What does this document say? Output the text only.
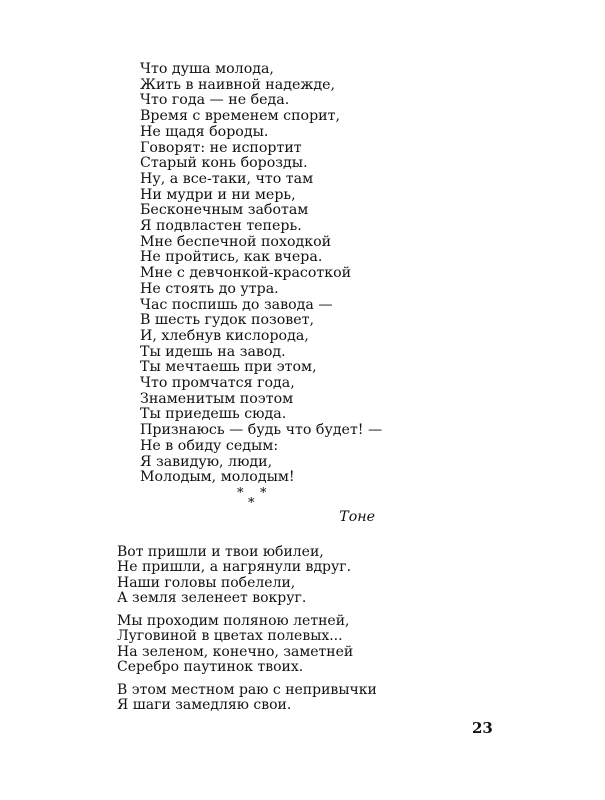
Что душа молода,
Жить в наивной надежде,
Что года — не беда.
Время с временем спорит,
Не щадя бороды.
Говорят: не испортит
Старый конь борозды.
Ну, а все-таки, что там
Ни мудри и ни мерь,
Бесконечным заботам
Я подвластен теперь.
Мне беспечной походкой
Не пройтись, как вчера.
Мне с девчонкой-красоткой
Не стоять до утра.
Час поспишь до завода —
В шесть гудок позовет,
И, хлебнув кислорода,
Ты идешь на завод.
Ты мечтаешь при этом,
Что промчатся года,
Знаменитым поэтом
Ты приедешь сюда.
Признаюсь — будь что будет! —
Не в обиду седым:
Я завидую, люди,
Молодым, молодым!
*
*
*
Тоне
Вот пришли и твои юбилеи,
Не пришли, а нагрянули вдруг.
Наши головы побелели,
А земля зеленеет вокруг.
Мы проходим поляною летней,
Луговиной в цветах полевых...
На зеленом, конечно, заметней
Серебро паутинок твоих.
В этом местном раю с непривычки
Я шаги замедляю свои.
23
